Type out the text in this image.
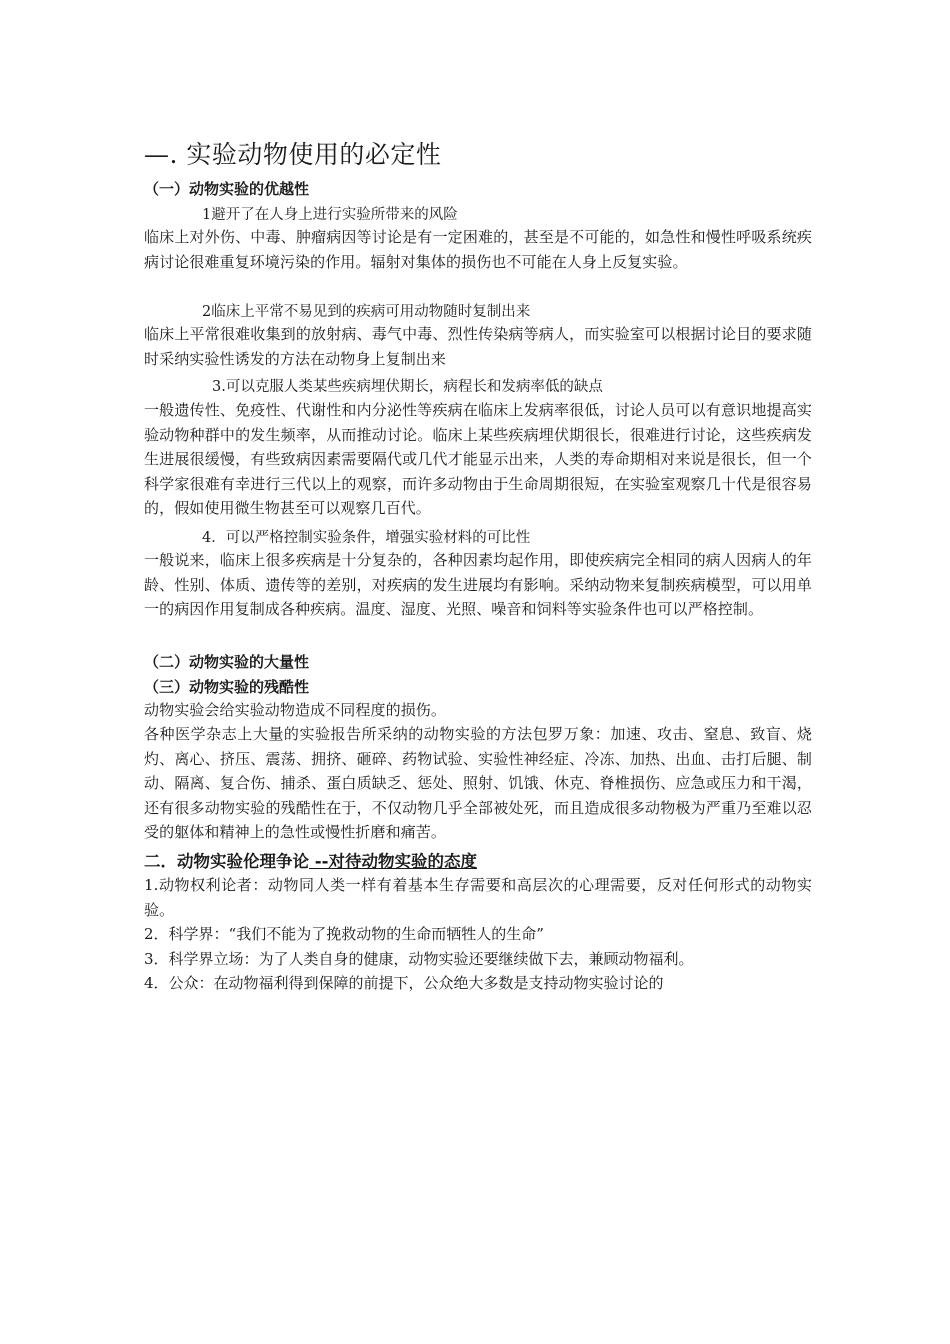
—. 实验动物使用的必定性
（一）动物实验的优越性
1避开了在人身上进行实验所带来的风险

临床上对外伤、中毒、肿瘤病因等讨论是有一定困难的，甚至是不可能的，如急性和慢性呼吸系统疾病讨论很难重复环境污染的作用。辐射对集体的损伤也不可能在人身上反复实验。

2临床上平常不易见到的疾病可用动物随时复制出来

临床上平常很难收集到的放射病、毒气中毒、烈性传染病等病人，而实验室可以根据讨论目的要求随时采纳实验性诱发的方法在动物身上复制出来

3.可以克服人类某些疾病埋伏期长，病程长和发病率低的缺点

一般遗传性、免疫性、代谢性和内分泌性等疾病在临床上发病率很低，讨论人员可以有意识地提高实验动物种群中的发生频率，从而推动讨论。临床上某些疾病埋伏期很长，很难进行讨论，这些疾病发生进展很缓慢，有些致病因素需要隔代或几代才能显示出来，人类的寿命期相对来说是很长，但一个科学家很难有幸进行三代以上的观察，而许多动物由于生命周期很短，在实验室观察几十代是很容易的，假如使用微生物甚至可以观察几百代。

4．可以严格控制实验条件，增强实验材料的可比性

一般说来，临床上很多疾病是十分复杂的，各种因素均起作用，即使疾病完全相同的病人因病人的年龄、性别、体质、遗传等的差别，对疾病的发生进展均有影响。采纳动物来复制疾病模型，可以用单一的病因作用复制成各种疾病。温度、湿度、光照、噪音和饲料等实验条件也可以严格控制。

（二）动物实验的大量性
（三）动物实验的残酷性

动物实验会给实验动物造成不同程度的损伤。

各种医学杂志上大量的实验报告所采纳的动物实验的方法包罗万象：加速、攻击、窒息、致盲、烧灼、离心、挤压、震荡、拥挤、砸碎、药物试验、实验性神经症、冷冻、加热、出血、击打后腿、制动、隔离、复合伤、捕杀、蛋白质缺乏、惩处、照射、饥饿、休克、脊椎损伤、应急或压力和干渴，还有很多动物实验的残酷性在于，不仅动物几乎全部被处死，而且造成很多动物极为严重乃至难以忍受的躯体和精神上的急性或慢性折磨和痛苦。

二．动物实验伦理争论 --对待动物实验的态度

1.动物权利论者：动物同人类一样有着基本生存需要和高层次的心理需要，反对任何形式的动物实验。

2．科学界：“我们不能为了挽救动物的生命而牺牲人的生命”
3．科学界立场：为了人类自身的健康，动物实验还要继续做下去，兼顾动物福利。
4．公众：在动物福利得到保障的前提下，公众绝大多数是支持动物实验讨论的
